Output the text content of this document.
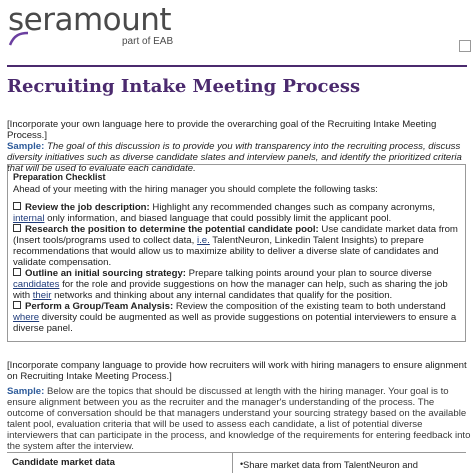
seramount
part of EAB
Recruiting Intake Meeting Process
[Incorporate your own language here to provide the overarching goal of the Recruiting Intake Meeting Process.]
Sample: The goal of this discussion is to provide you with transparency into the recruiting process, discuss diversity initiatives such as diverse candidate slates and interview panels, and identify the prioritized criteria that will be used to evaluate each candidate.
Preparation Checklist
Ahead of your meeting with the hiring manager you should complete the following tasks:
Review the job description: Highlight any recommended changes such as company acronyms, internal only information, and biased language that could possibly limit the applicant pool.
Research the position to determine the potential candidate pool: Use candidate market data from (Insert tools/programs used to collect data, i.e. TalentNeuron, Linkedin Talent Insights) to prepare recommendations that would allow us to maximize ability to deliver a diverse slate of candidates and validate compensation.
Outline an initial sourcing strategy: Prepare talking points around your plan to source diverse candidates for the role and provide suggestions on how the manager can help, such as sharing the job with their networks and thinking about any internal candidates that qualify for the position.
Perform a Group/Team Analysis: Review the composition of the existing team to both understand where diversity could be augmented as well as provide suggestions on potential interviewers to ensure a diverse panel.
[Incorporate company language to provide how recruiters will work with hiring managers to ensure alignment on Recruiting Intake Meeting Process.]
Sample: Below are the topics that should be discussed at length with the hiring manager. Your goal is to ensure alignment between you as the recruiter and the manager's understanding of the process. The outcome of conversation should be that managers understand your sourcing strategy based on the available talent pool, evaluation criteria that will be used to assess each candidate, a list of potential diverse interviewers that can participate in the process, and knowledge of the requirements for entering feedback into the system after the interview.
Candidate market data	• Share market data from TalentNeuron and
